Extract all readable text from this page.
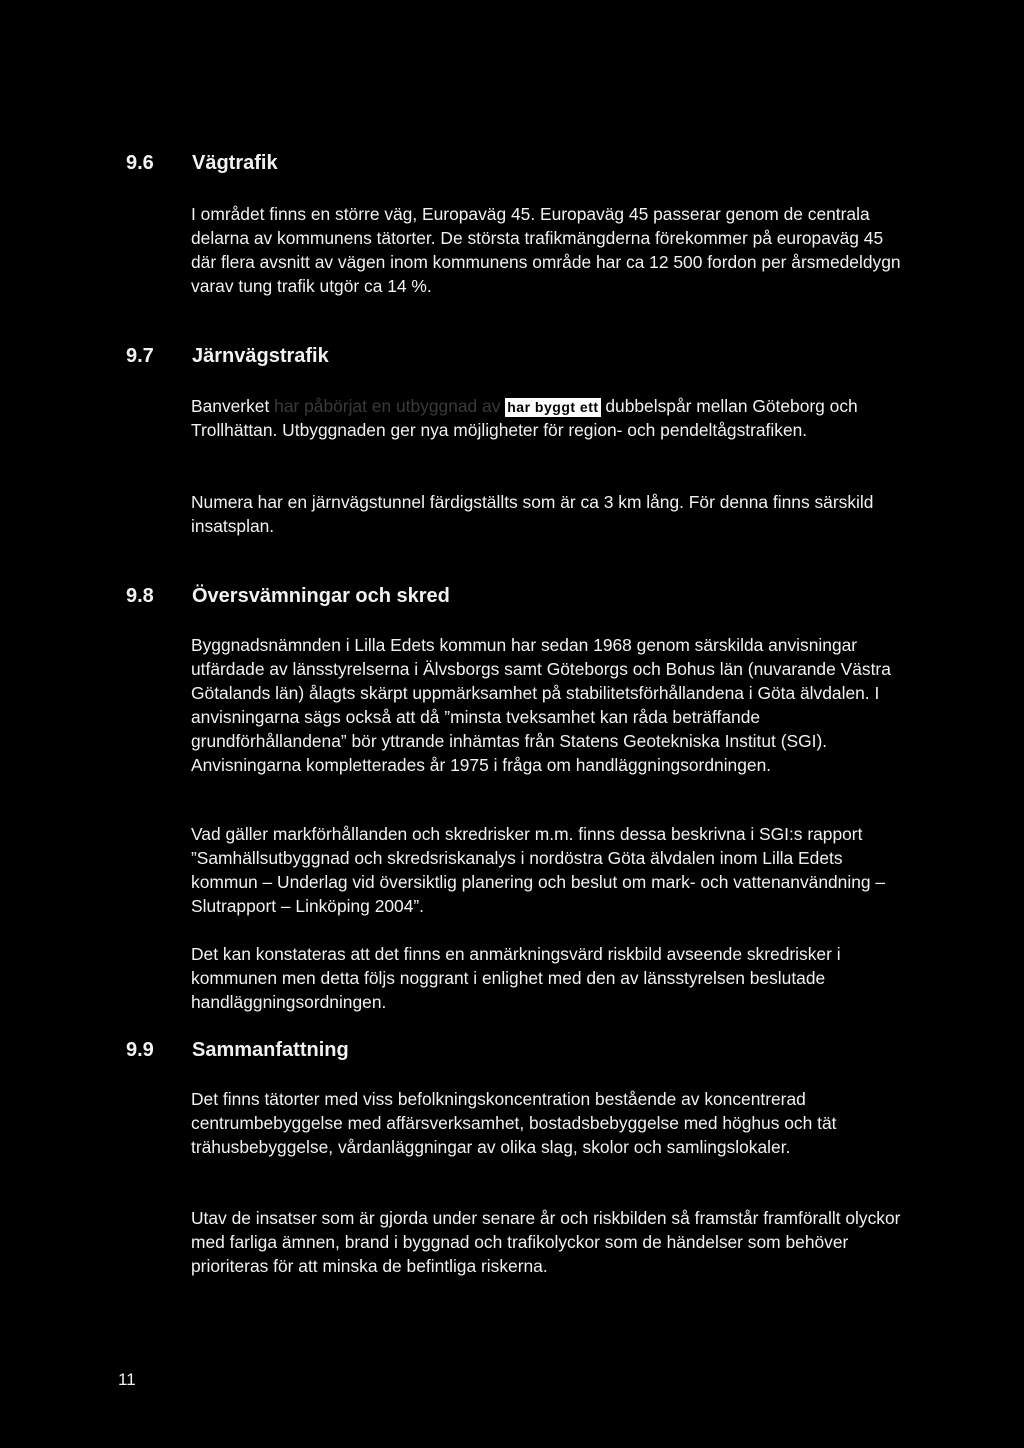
9.6 Vägtrafik

I området finns en större väg, Europaväg 45. Europaväg 45 passerar genom de centrala delarna av kommunens tätorter. De största trafikmängderna förekommer på europaväg 45 där flera avsnitt av vägen inom kommunens område har ca 12 500 fordon per årsmedeldygn varav tung trafik utgör ca 14 %.

9.7 Järnvägstrafik

Banverket har påbörjat en utbyggnad av har byggt ett dubbelspår mellan Göteborg och Trollhättan. Utbyggnaden ger nya möjligheter för region- och pendeltågstrafiken.

Numera har en järnvägstunnel färdigställts som är ca 3 km lång. För denna finns särskild insatsplan.

9.8 Översvämningar och skred

Byggnadsnämnden i Lilla Edets kommun har sedan 1968 genom särskilda anvisningar utfärdade av länsstyrelserna i Älvsborgs samt Göteborgs och Bohus län (nuvarande Västra Götalands län) ålagts skärpt uppmärksamhet på stabilitetsförhållandena i Göta älvdalen. I anvisningarna sägs också att då ”minsta tveksamhet kan råda beträffande grundförhållandena” bör yttrande inhämtas från Statens Geotekniska Institut (SGI). Anvisningarna kompletterades år 1975 i fråga om handläggningsordningen.

Vad gäller markförhållanden och skredrisker m.m. finns dessa beskrivna i SGI:s rapport ”Samhällsutbyggnad och skredsriskanalys i nordöstra Göta älvdalen inom Lilla Edets kommun – Underlag vid översiktlig planering och beslut om mark- och vattenanvändning – Slutrapport – Linköping 2004”.

Det kan konstateras att det finns en anmärkningsvärd riskbild avseende skredrisker i kommunen men detta följs noggrant i enlighet med den av länsstyrelsen beslutade handläggningsordningen.

9.9 Sammanfattning

Det finns tätorter med viss befolkningskoncentration bestående av koncentrerad centrumbebyggelse med affärsverksamhet, bostadsbebyggelse med höghus och tät trähusbebyggelse, vårdanläggningar av olika slag, skolor och samlingslokaler.

Utav de insatser som är gjorda under senare år och riskbilden så framstår framförallt olyckor med farliga ämnen, brand i byggnad och trafikolyckor som de händelser som behöver prioriteras för att minska de befintliga riskerna.

11
